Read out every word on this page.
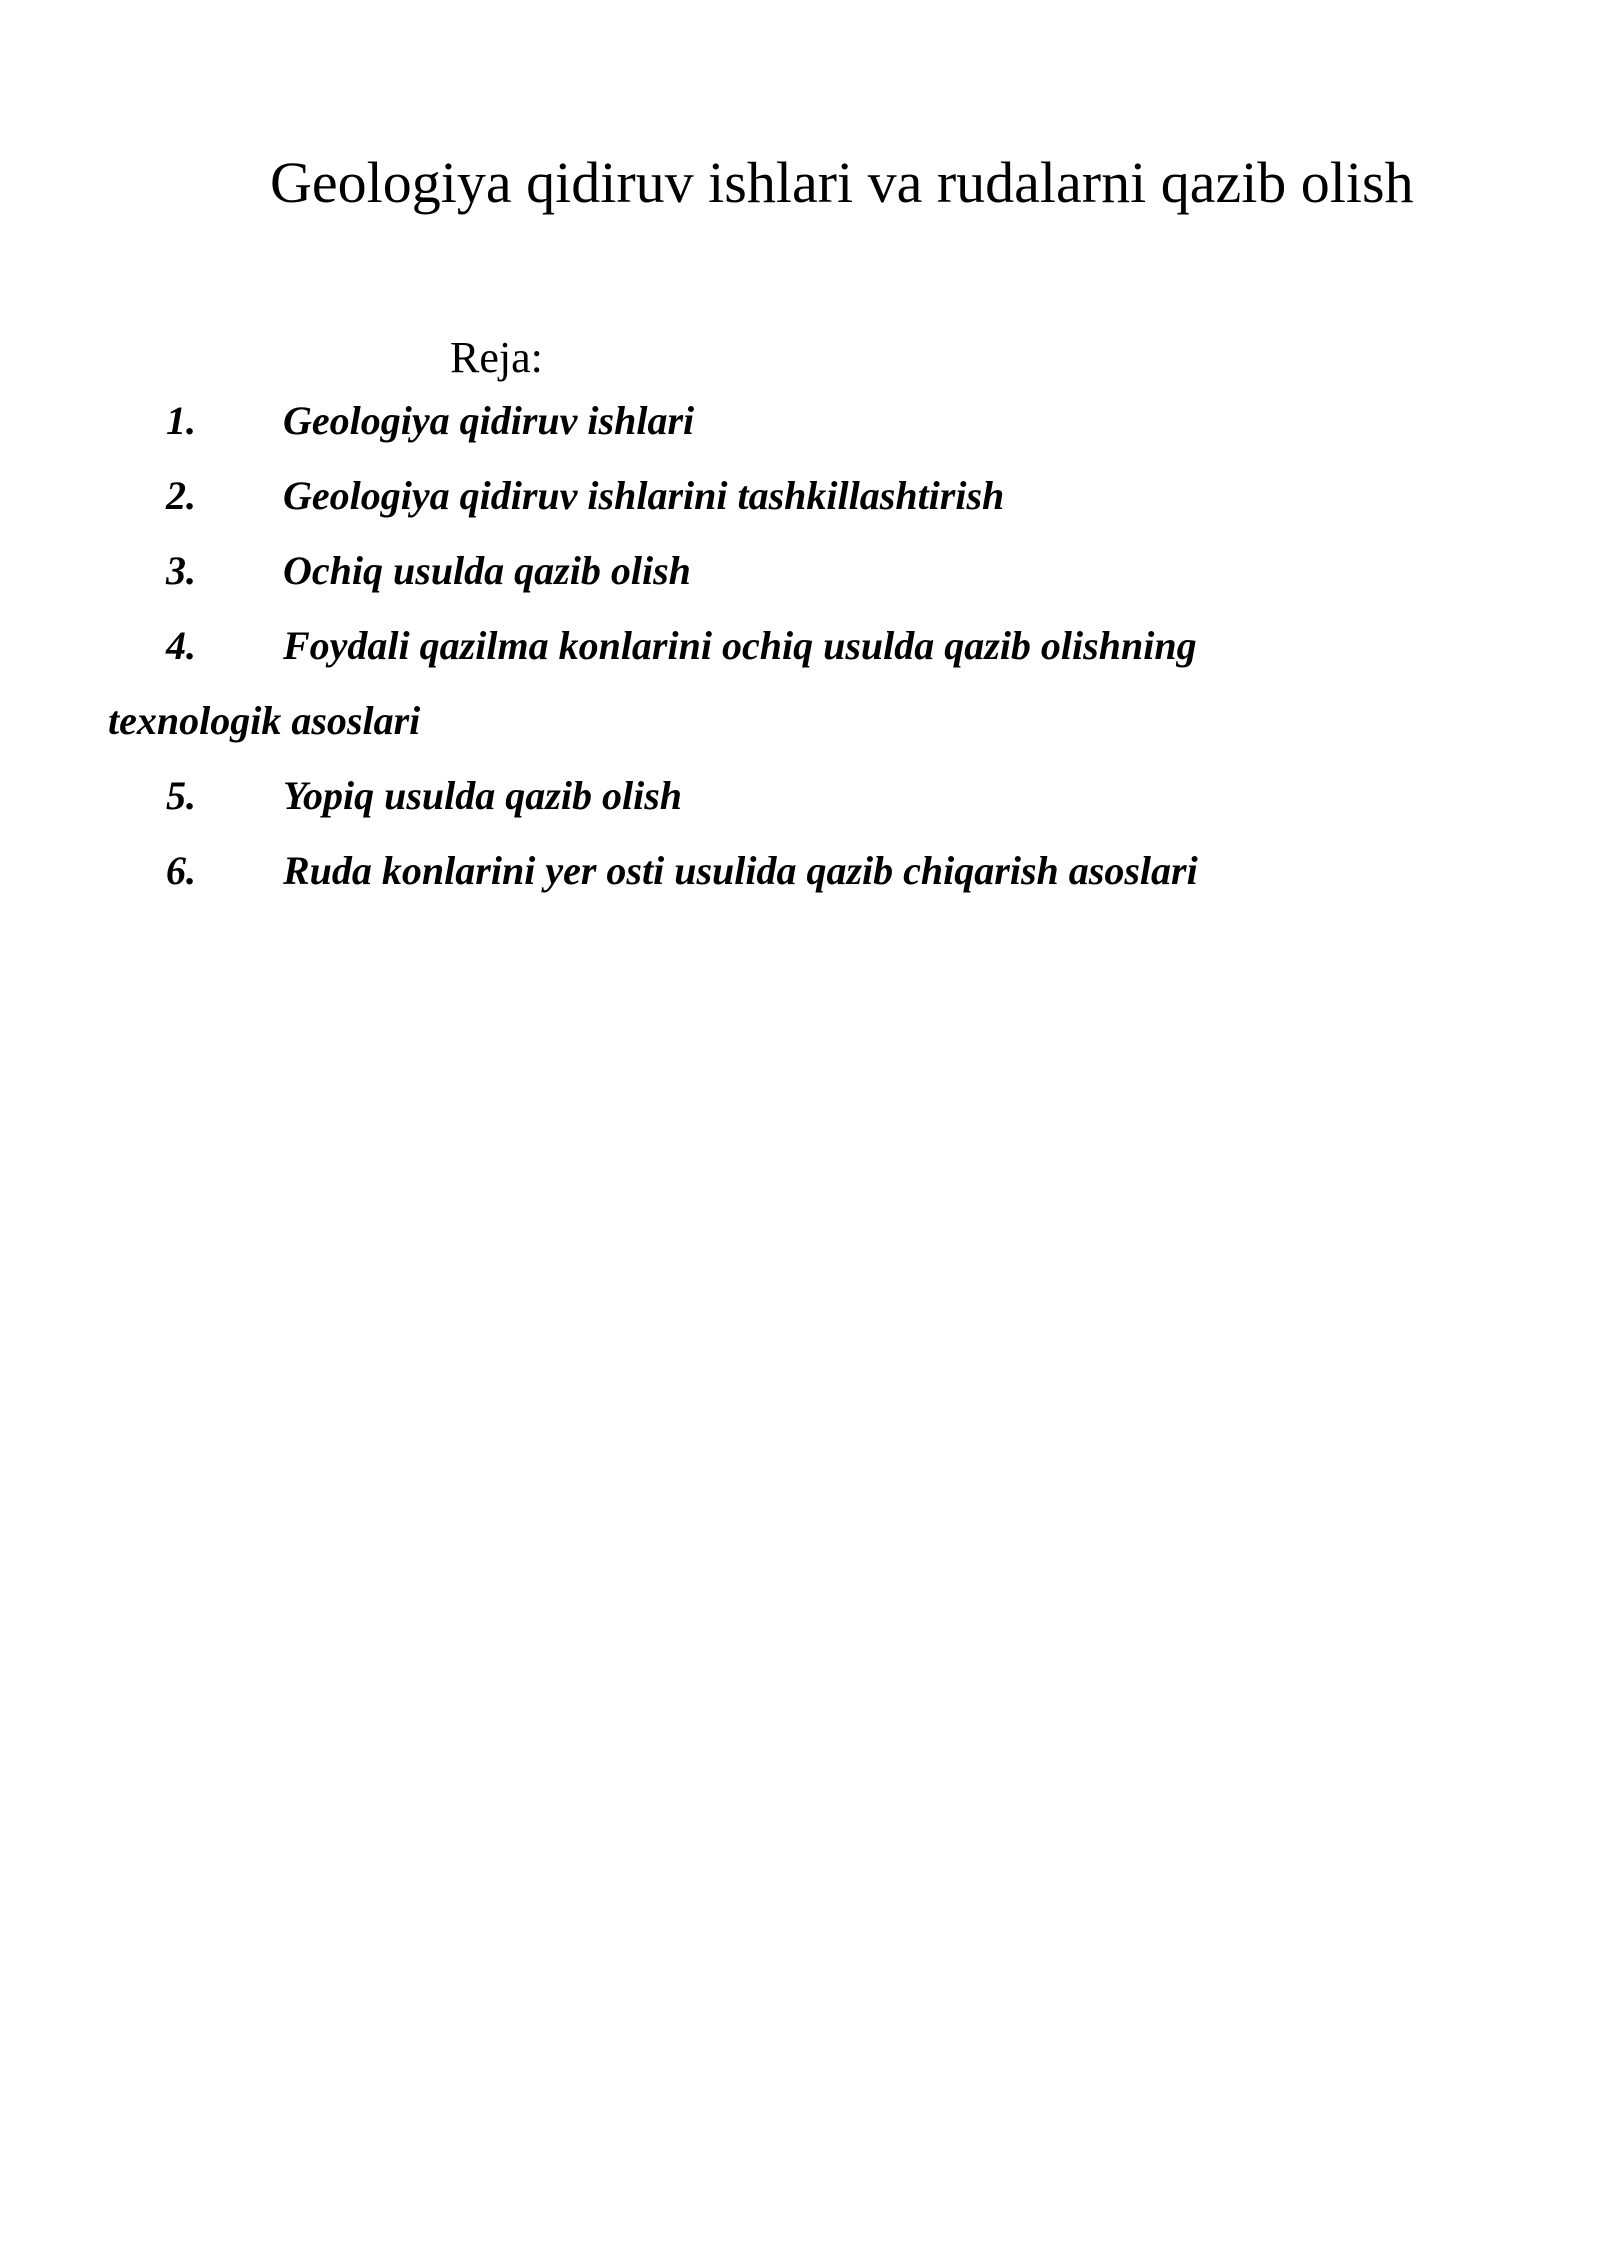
Geologiya qidiruv ishlari va rudalarni qazib olish

Reja:

1. Geologiya qidiruv ishlari
2. Geologiya qidiruv ishlarini tashkillashtirish
3. Ochiq usulda qazib olish
4. Foydali qazilma konlarini ochiq usulda qazib olishning texnologik asoslari
5. Yopiq usulda qazib olish
6. Ruda konlarini yer osti usulida qazib chiqarish asoslari
